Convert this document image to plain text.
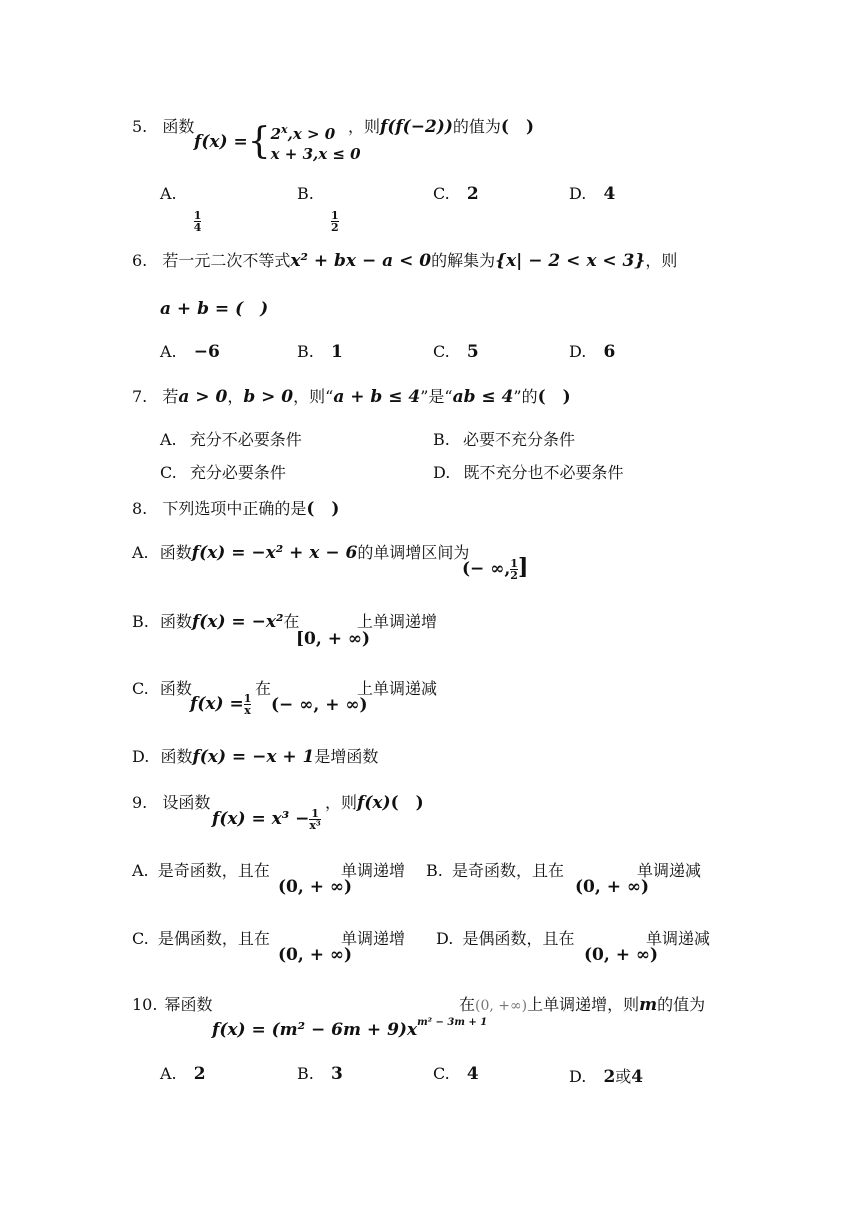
5. 函数
f(x) ={ $2^x,x > 0$
x + 3,x ≤ 0
，则f(f(−2))的值为(　)
A.
$\frac{1}{4}$
B.
$\frac{1}{2}$
C. 2	D. 4
6. 若一元二次不等式x² + bx − a < 0的解集为{x| − 2 < x < 3}，则
a + b = (　)
A. −6	B. 1	C. 5	D. 6
7. 若a > 0，b > 0，则“a + b ≤ 4”是“ab ≤ 4”的(　)
A. 充分不必要条件	B. 必要不充分条件
C. 充分必要条件	D. 既不充分也不必要条件
8. 下列选项中正确的是(　)
A. 函数f(x) = −x² + x − 6的单调增区间为
(− ∞, $\frac{1}{2}$ ]
B. 函数f(x) = −x²在
[0, + ∞)
上单调递增
C. 函数
$f(x) = \frac{1}{x}$
在
(− ∞, + ∞)
上单调递减
D. 函数f(x) = −x + 1是增函数
9. 设函数
$f(x) = x^3 - \frac{1}{\text{x³}}$
，则f(x)(　)
A. 是奇函数，且在
(0, + ∞)
单调递增 B. 是奇函数，且在
(0, + ∞)
单调递减
C. 是偶函数，且在
(0, + ∞)
单调递增 D. 是偶函数，且在
(0, + ∞)
单调递减
10. 幂函数
$f(x) = (m^2 - 6m + 9)x^{m^2 - 3m + 1}$
在(0, +∞)上单调递增，则m的值为
A. 2	B. 3	C. 4	D. 2或4
